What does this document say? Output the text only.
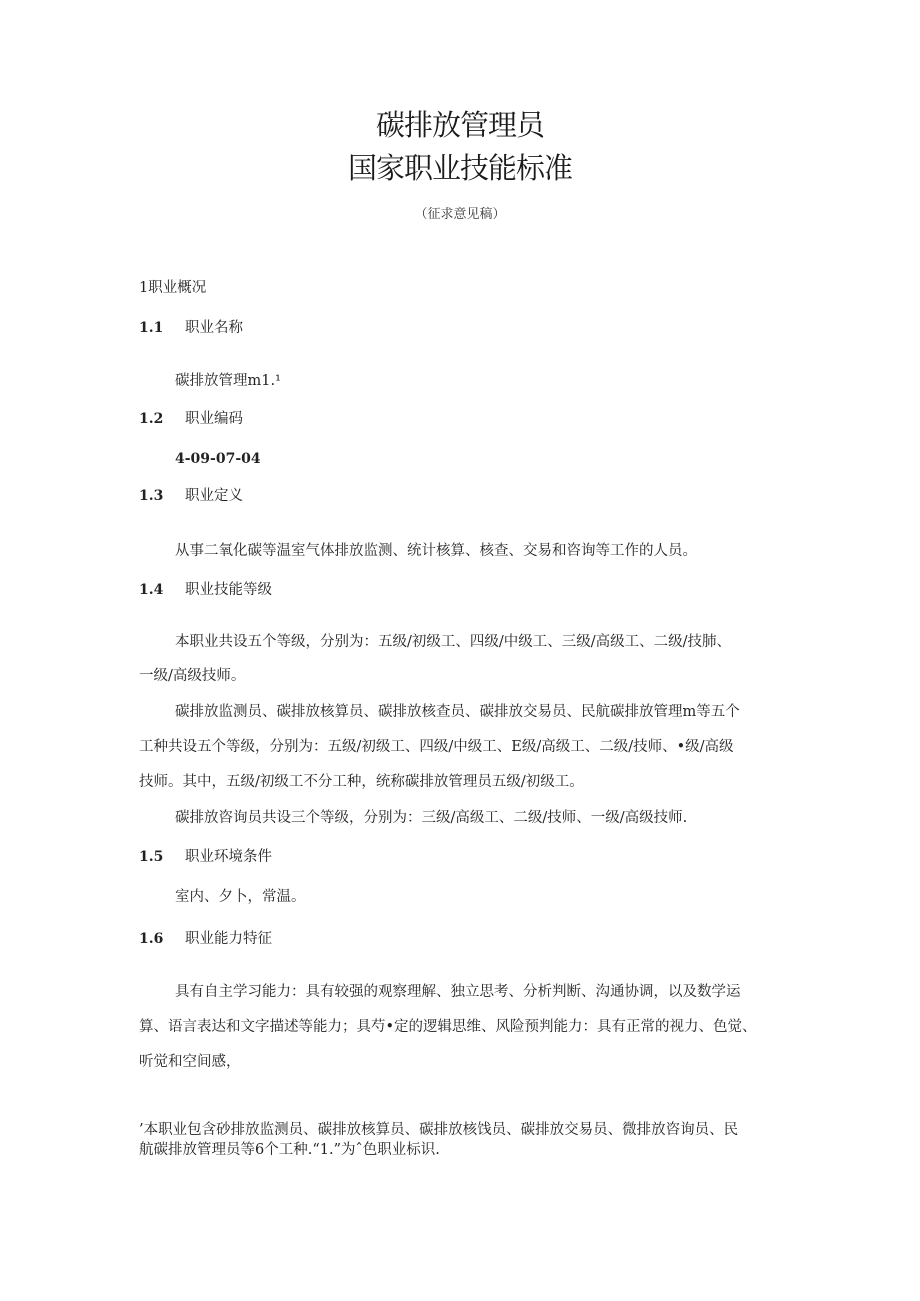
碳排放管理员
国家职业技能标准
（征求意见稿）
1职业概况
1.1 职业名称
碳排放管理m1.¹
1.2 职业编码
4-09-07-04
1.3 职业定义
从事二氧化碳等温室气体排放监测、统计核算、核查、交易和咨询等工作的人员。
1.4 职业技能等级
本职业共设五个等级，分别为：五级/初级工、四级/中级工、三级/高级工、二级/技肺、
一级/高级技师。
碳排放监测员、碳排放核算员、碳排放核查员、碳排放交易员、民航碳排放管理m等五个
工种共设五个等级，分别为：五级/初级工、四级/中级工、E级/高级工、二级/技师、•级/高级
技师。其中，五级/初级工不分工种，统称碳排放管理员五级/初级工。
碳排放咨询员共设三个等级，分别为：三级/高级工、二级/技师、一级/高级技师.
1.5 职业环境条件
室内、夕卜，常温。
1.6 职业能力特征
具有自主学习能力：具有较强的观察理解、独立思考、分析判断、沟通协调，以及数学运
算、语言表达和文字描述等能力；具芍•定的逻辑思维、风险预判能力：具有正常的视力、色觉、
听觉和空间感，
’本职业包含砂排放监测员、碳排放核算员、碳排放核饯员、碳排放交易员、微排放咨询员、民
航碳排放管理员等6个工种.“1.”为ˆ色职业标识.
